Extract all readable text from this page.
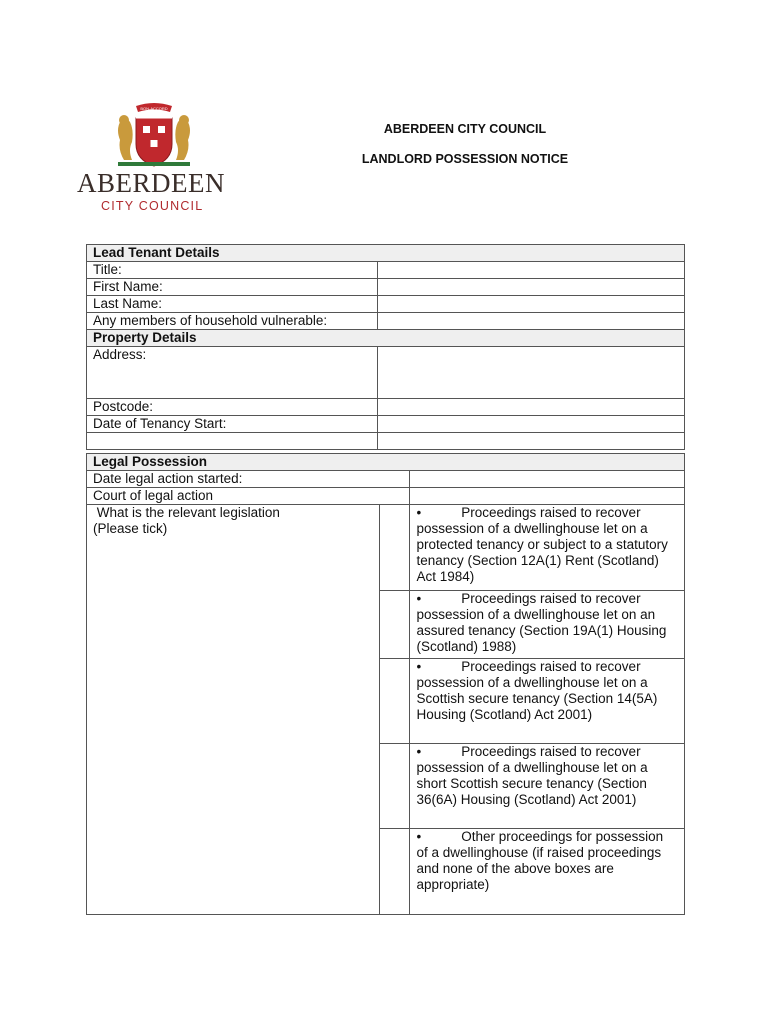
BON-ACCORD
ABERDEEN
CITY COUNCIL
ABERDEEN CITY COUNCIL
LANDLORD POSSESSION NOTICE
Lead Tenant Details	
Title:	
First Name:	
Last Name:	
Any members of household vulnerable:	
Property Details	
Address:	
Postcode:	
Date of Tenancy Start:	

Legal Possession		
Date legal action started:		
Court of legal action		

What is the relevant legislation
(Please tick)		• Proceedings raised to recover possession of a dwellinghouse let on a protected tenancy or subject to a statutory tenancy (Section 12A(1) Rent (Scotland) Act 1984)
		• Proceedings raised to recover possession of a dwellinghouse let on an assured tenancy (Section 19A(1) Housing (Scotland) 1988)
		• Proceedings raised to recover possession of a dwellinghouse let on a Scottish secure tenancy (Section 14(5A) Housing (Scotland) Act 2001)
		• Proceedings raised to recover possession of a dwellinghouse let on a short Scottish secure tenancy (Section 36(6A) Housing (Scotland) Act 2001)
		• Other proceedings for possession of a dwellinghouse (if raised proceedings and none of the above boxes are appropriate)
